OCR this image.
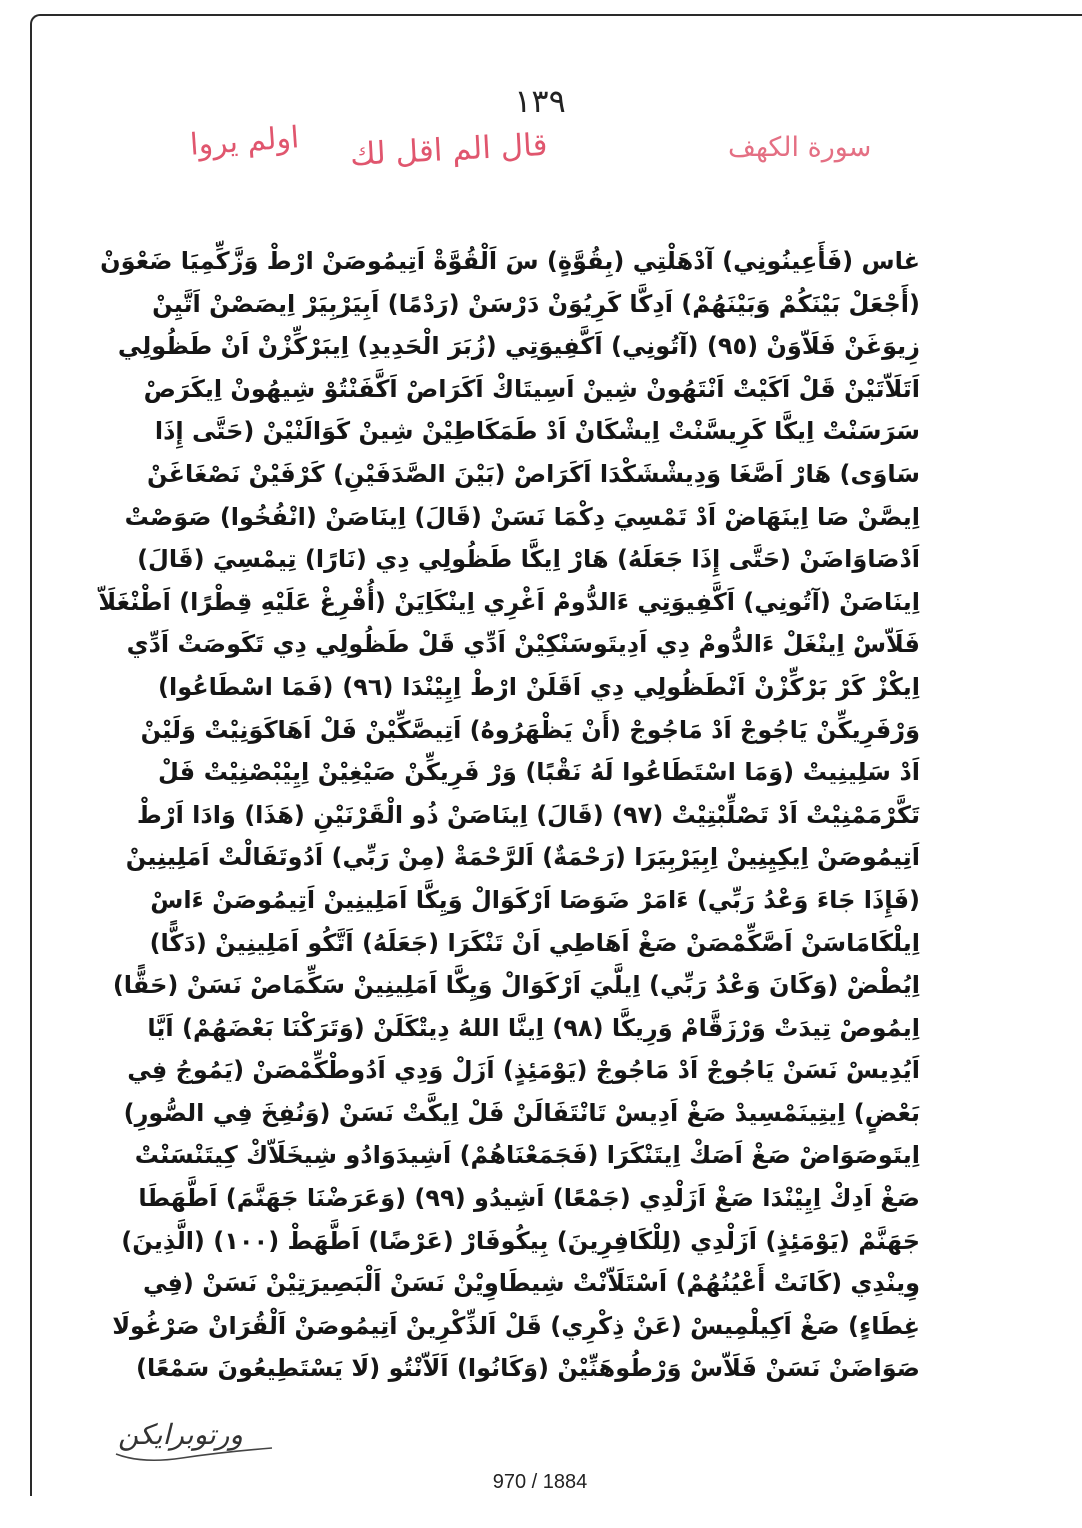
١٣٩
اولم يروا قال الم اقل لك	سورة الكهف
غاس (فَأَعِينُونِي) آدْهَلْتِي (بِقُوَّةٍ) سَ اَلْقُوَّةْ اَتِيمُوصَنْ ارْطْ وَزَّكِّمِيَا ضَعْوَنْ
(أَجْعَلْ بَيْنَكُمْ وَبَيْنَهُمْ) اَدِكَّا كَرِيُوَنْ دَرْسَنْ (رَدْمًا) اَبِيَرْبِيَرْ اِيصَصْنْ اَتَّيِنْ
زِيوَغَنْ فَلَاّوَنْ (٩٥) (آتُونِي) اَكَّفِيوَتِي (زُبَرَ الْحَدِيدِ) اِيبَرْكِّزْنْ اَنْ طَظُولِي
اَتَلَاّتَيْنْ قَلْ اَكَيْتْ اَنْتَهُونْ شِينْ اَسِيتَاكْ اَكَرَاصْ اَكَّفَنْتُوْ شِيهُونْ اِيكَرَصْ
سَرَسَنْتْ اِيكَّا كَرِيسَّنْتْ اِيشْكَانْ اَدْ طَمَكَاطِيْنْ شِينْ كَوَالَنْيْنْ (حَتَّى إِذَا
سَاوَى) هَارْ اَصَّغَا وَدِيشْشَكْدَا اَكَرَاصْ (بَيْنَ الصَّدَفَيْنِ) كَرْفَيْنْ نَصْغَاغَنْ
اِيصَّنْ صَا اِينَهَاضْ اَدْ تَمْسِيَ دِكْمَا نَسَنْ (قَالَ) اِينَاصَنْ (انْفُخُوا) صَوَصْتْ
اَدْصَاوَاضَنْ (حَتَّى إِذَا جَعَلَهُ) هَارْ اِيكَّا طَظُولِي دِي (نَارًا) تِيمْسِيَ (قَالَ)
اِينَاصَنْ (آتُونِي) اَكَّفِيوَتِي ءَالدُّومْ اَغْرِي اِينْكَاِيَنْ (أُفْرِغْ عَلَيْهِ قِطْرًا) اَطْنْغَلَاّ
فَلَاّسْ اِينْغَلْ ءَالدُّومْ دِي اَدِيتَوسَنْكِيْنْ اَدِّي قَلْ طَظُولِي دِي تَكَوصَتْ اَدِّي
اِيكْزْ كَرْ بَرْكِّزْنْ اَنْطَظُولِي دِي اَقَلَنْ ارْطْ اِيِيْنْدَا (٩٦) (فَمَا اسْطَاعُوا)
وَرْفَرِيكِّنْ يَاجُوجْ اَدْ مَاجُوجْ (أَنْ يَظْهَرُوهُ) اَتِيصَّكِّيْنْ فَلْ اَهَاكَوَنِيْتْ وَلَيْنْ
اَدْ سَلِينِيتْ (وَمَا اسْتَطَاعُوا لَهُ نَقْبًا) وَرْ فَرِيكِّنْ صَيْغِيْنْ اِيِيْبْصْنِيْتْ فَلْ
تَكَّرْمَمْنِيْتْ اَدْ تَصْلِّبْتِيْتْ (٩٧) (قَالَ) اِينَاصَنْ ذُو الْقَرْنَيْنِ (هَذَا) وَادَا اَرْطْ
اَتِيمُوصَنْ اِيكِيِنِينْ اِبِيَرْبِيَرَا (رَحْمَةٌ) اَلرَّحْمَةْ (مِنْ رَبِّي) اَدُوتَفَالْتْ اَمَلِينِينْ
(فَإِذَا جَاءَ وَعْدُ رَبِّي) ءَامَرْ ضَوَصَا اَرْكَوَالْ وَيِكَّا اَمَلِينِينْ اَتِيمُوصَنْ ءَاسْ
اِيلْكَامَاسَنْ اَصَّكِّمْصَنْ صَغْ اَهَاطِي اَنْ تَنْكَرَا (جَعَلَهُ) اَتَّكُو اَمَلِينِينْ (دَكًّا)
اِيُطْضْ (وَكَانَ وَعْدُ رَبِّي) اِيلَّيَ اَرْكَوَالْ وَيِكَّا اَمَلِينِينْ سَكِّمَاصْ نَسَنْ (حَقًّا)
اِيمُوصْ تِيدَتْ وَرْزَقَّامْ وَرِيكَّا (٩٨) اِينَّا اللهُ دِيتْكَلَنْ (وَتَرَكْنَا بَعْضَهُمْ) اَيَّا
اَيُدِيسْ نَسَنْ يَاجُوجْ اَدْ مَاجُوجْ (يَوْمَئِذٍ) اَزَلْ وَدِي اَدُوطْكِّمْصَنْ (يَمُوجُ فِي
بَعْضٍ) اِيتِينَمْسِيدْ صَغْ اَدِيسْ تَانْتَفَالَنْ فَلْ اِيكَّتْ نَسَنْ (وَنُفِخَ فِي الصُّورِ)
اِيتَوصَوَاضْ صَغْ اَصَكْ اِيتَنْكَرَا (فَجَمَعْنَاهُمْ) اَشِيدَوَادُو شِيخَلَاّكْ كِيتَنْسَنْتْ
صَغْ اَدِكْ اِيِيْنْدَا صَغْ اَزَلْدِي (جَمْعًا) اَشِيدُو (٩٩) (وَعَرَضْنَا جَهَنَّمَ) اَطَّهَطَا
جَهَنَّمْ (يَوْمَئِذٍ) اَزَلْدِي (لِلْكَافِرِينَ) بِيكُوفَارْ (عَرْضًا) اَطَّهَطْ (١٠٠) (الَّذِينَ)
وِينْدِي (كَانَتْ أَعْيُنُهُمْ) اَسْتَلَاّنْتْ شِيطَاوِيْنْ نَسَنْ اَلْبَصِيرَتِيْنْ نَسَنْ (فِي
غِطَاءٍ) صَغْ اَكِيلْمِيسْ (عَنْ ذِكْرِي) قَلْ اَلذِّكْرِينْ اَتِيمُوصَنْ اَلْقُرَانْ صَرْغُولَا
صَوَاضَنْ نَسَنْ فَلَاّسْ وَرْطُوهَنِّيْنْ (وَكَانُوا) اَلَاّنْتُو (لَا يَسْتَطِيعُونَ سَمْعًا)
ورتوبرايكن
970 / 1884
